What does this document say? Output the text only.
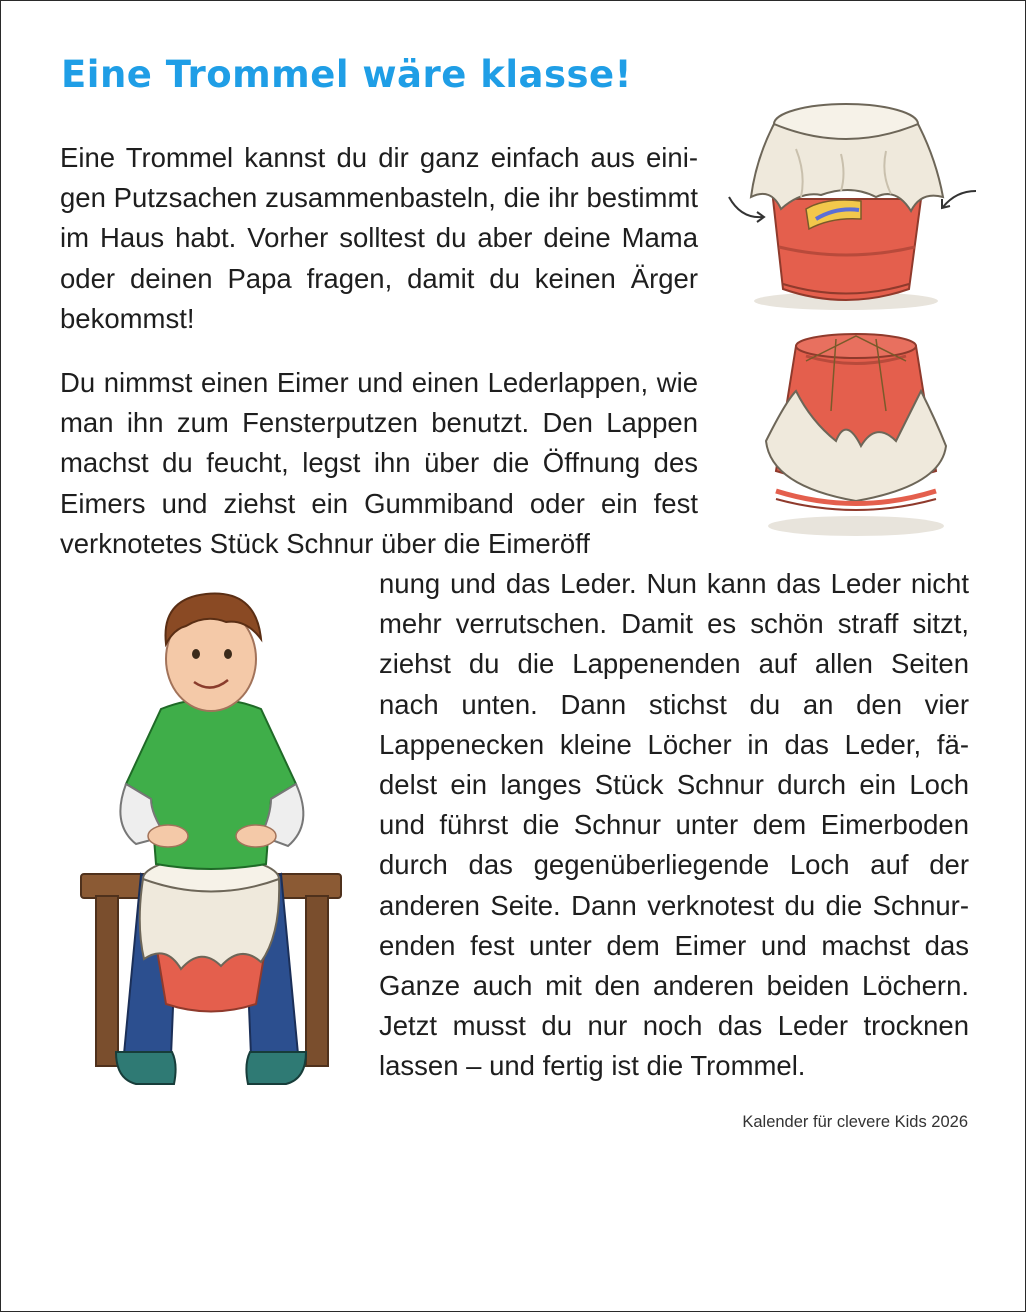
Eine Trommel wäre klasse!

Eine Trommel kannst du dir ganz einfach aus einigen Putzsachen zusammenbasteln, die ihr bestimmt im Haus habt. Vorher solltest du aber deine Mama oder deinen Papa fragen, damit du keinen Ärger bekommst!

Du nimmst einen Eimer und einen Lederlappen, wie man ihn zum Fensterputzen benutzt. Den Lappen machst du feucht, legst ihn über die Öffnung des Eimers und ziehst ein Gummiband oder ein fest verknotetes Stück Schnur über die Eimeröff

nung und das Leder. Nun kann das Leder nicht mehr verrutschen. Damit es schön straff sitzt, ziehst du die Lappenenden auf allen Seiten nach unten. Dann stichst du an den vier Lappenecken kleine Löcher in das Leder, fädelst ein langes Stück Schnur durch ein Loch und führst die Schnur unter dem Eimerboden durch das gegenüberliegende Loch auf der anderen Seite. Dann verknotest du die Schnurenden fest unter dem Eimer und machst das Ganze auch mit den anderen beiden Löchern. Jetzt musst du nur noch das Leder trocknen lassen – und fertig ist die Trommel.

Kalender für clevere Kids 2026
